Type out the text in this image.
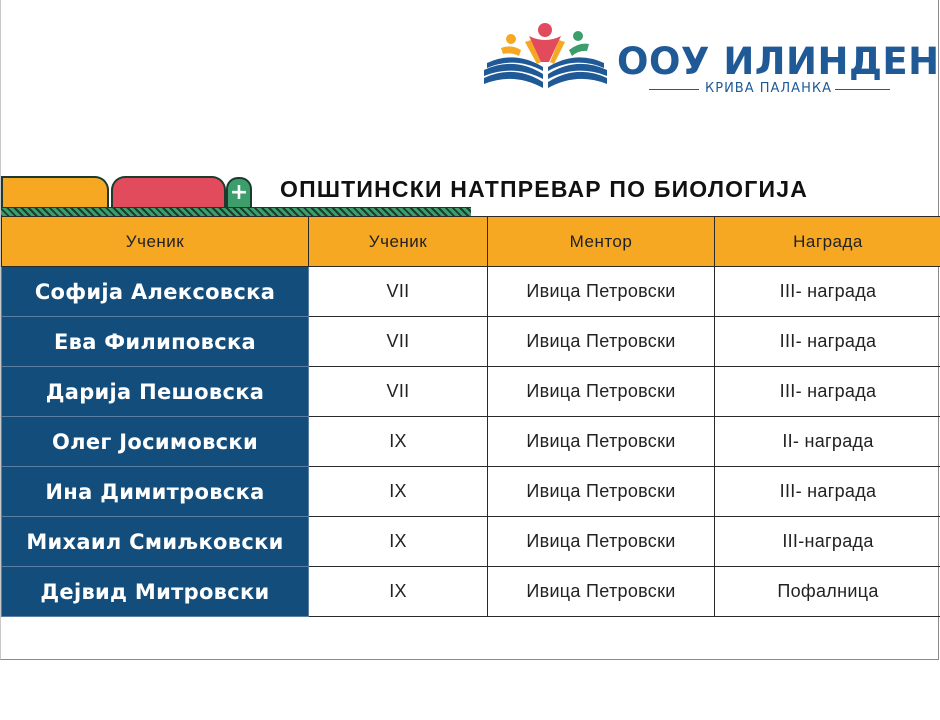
ООУ ИЛИНДЕН
КРИВА ПАЛАНКА
+ ОПШТИНСКИ НАТПРЕВАР ПО БИОЛОГИЈА
Ученик	Ученик	Ментор	Награда
Софија Алексовска	VII	Ивица Петровски	III- награда
Ева Филиповска	VII	Ивица Петровски	III- награда
Дарија Пешовска	VII	Ивица Петровски	III- награда
Олег Јосимовски	IX	Ивица Петровски	II- награда
Ина Димитровска	IX	Ивица Петровски	III- награда
Михаил Смиљковски	IX	Ивица Петровски	III-награда
Дејвид Митровски	IX	Ивица Петровски	Пофалница
